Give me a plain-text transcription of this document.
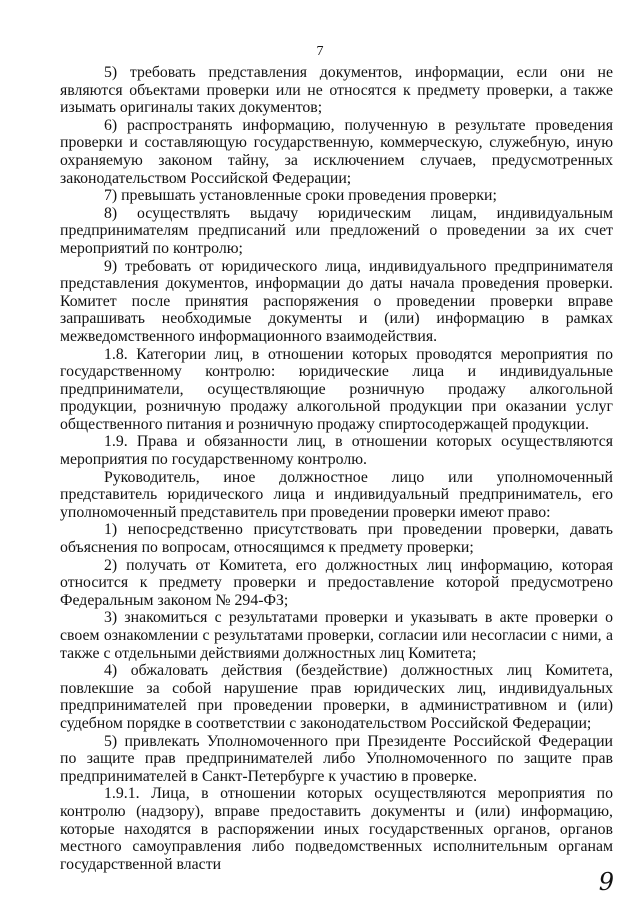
7

5) требовать представления документов, информации, если они не являются объектами проверки или не относятся к предмету проверки, а также изымать оригиналы таких документов;

6) распространять информацию, полученную в результате проведения проверки и составляющую государственную, коммерческую, служебную, иную охраняемую законом тайну, за исключением случаев, предусмотренных законодательством Российской Федерации;

7) превышать установленные сроки проведения проверки;

8) осуществлять выдачу юридическим лицам, индивидуальным предпринимателям предписаний или предложений о проведении за их счет мероприятий по контролю;

9) требовать от юридического лица, индивидуального предпринимателя представления документов, информации до даты начала проведения проверки. Комитет после принятия распоряжения о проведении проверки вправе запрашивать необходимые документы и (или) информацию в рамках межведомственного информационного взаимодействия.

1.8. Категории лиц, в отношении которых проводятся мероприятия по государственному контролю: юридические лица и индивидуальные предприниматели, осуществляющие розничную продажу алкогольной продукции, розничную продажу алкогольной продукции при оказании услуг общественного питания и розничную продажу спиртосодержащей продукции.

1.9. Права и обязанности лиц, в отношении которых осуществляются мероприятия по государственному контролю.

Руководитель, иное должностное лицо или уполномоченный представитель юридического лица и индивидуальный предприниматель, его уполномоченный представитель при проведении проверки имеют право:

1) непосредственно присутствовать при проведении проверки, давать объяснения по вопросам, относящимся к предмету проверки;

2) получать от Комитета, его должностных лиц информацию, которая относится к предмету проверки и предоставление которой предусмотрено Федеральным законом № 294-ФЗ;

3) знакомиться с результатами проверки и указывать в акте проверки о своем ознакомлении с результатами проверки, согласии или несогласии с ними, а также с отдельными действиями должностных лиц Комитета;

4) обжаловать действия (бездействие) должностных лиц Комитета, повлекшие за собой нарушение прав юридических лиц, индивидуальных предпринимателей при проведении проверки, в административном и (или) судебном порядке в соответствии с законодательством Российской Федерации;

5) привлекать Уполномоченного при Президенте Российской Федерации по защите прав предпринимателей либо Уполномоченного по защите прав предпринимателей в Санкт-Петербурге к участию в проверке.

1.9.1. Лица, в отношении которых осуществляются мероприятия по контролю (надзору), вправе предоставить документы и (или) информацию, которые находятся в распоряжении иных государственных органов, органов местного самоуправления либо подведомственных исполнительным органам государственной власти

9
